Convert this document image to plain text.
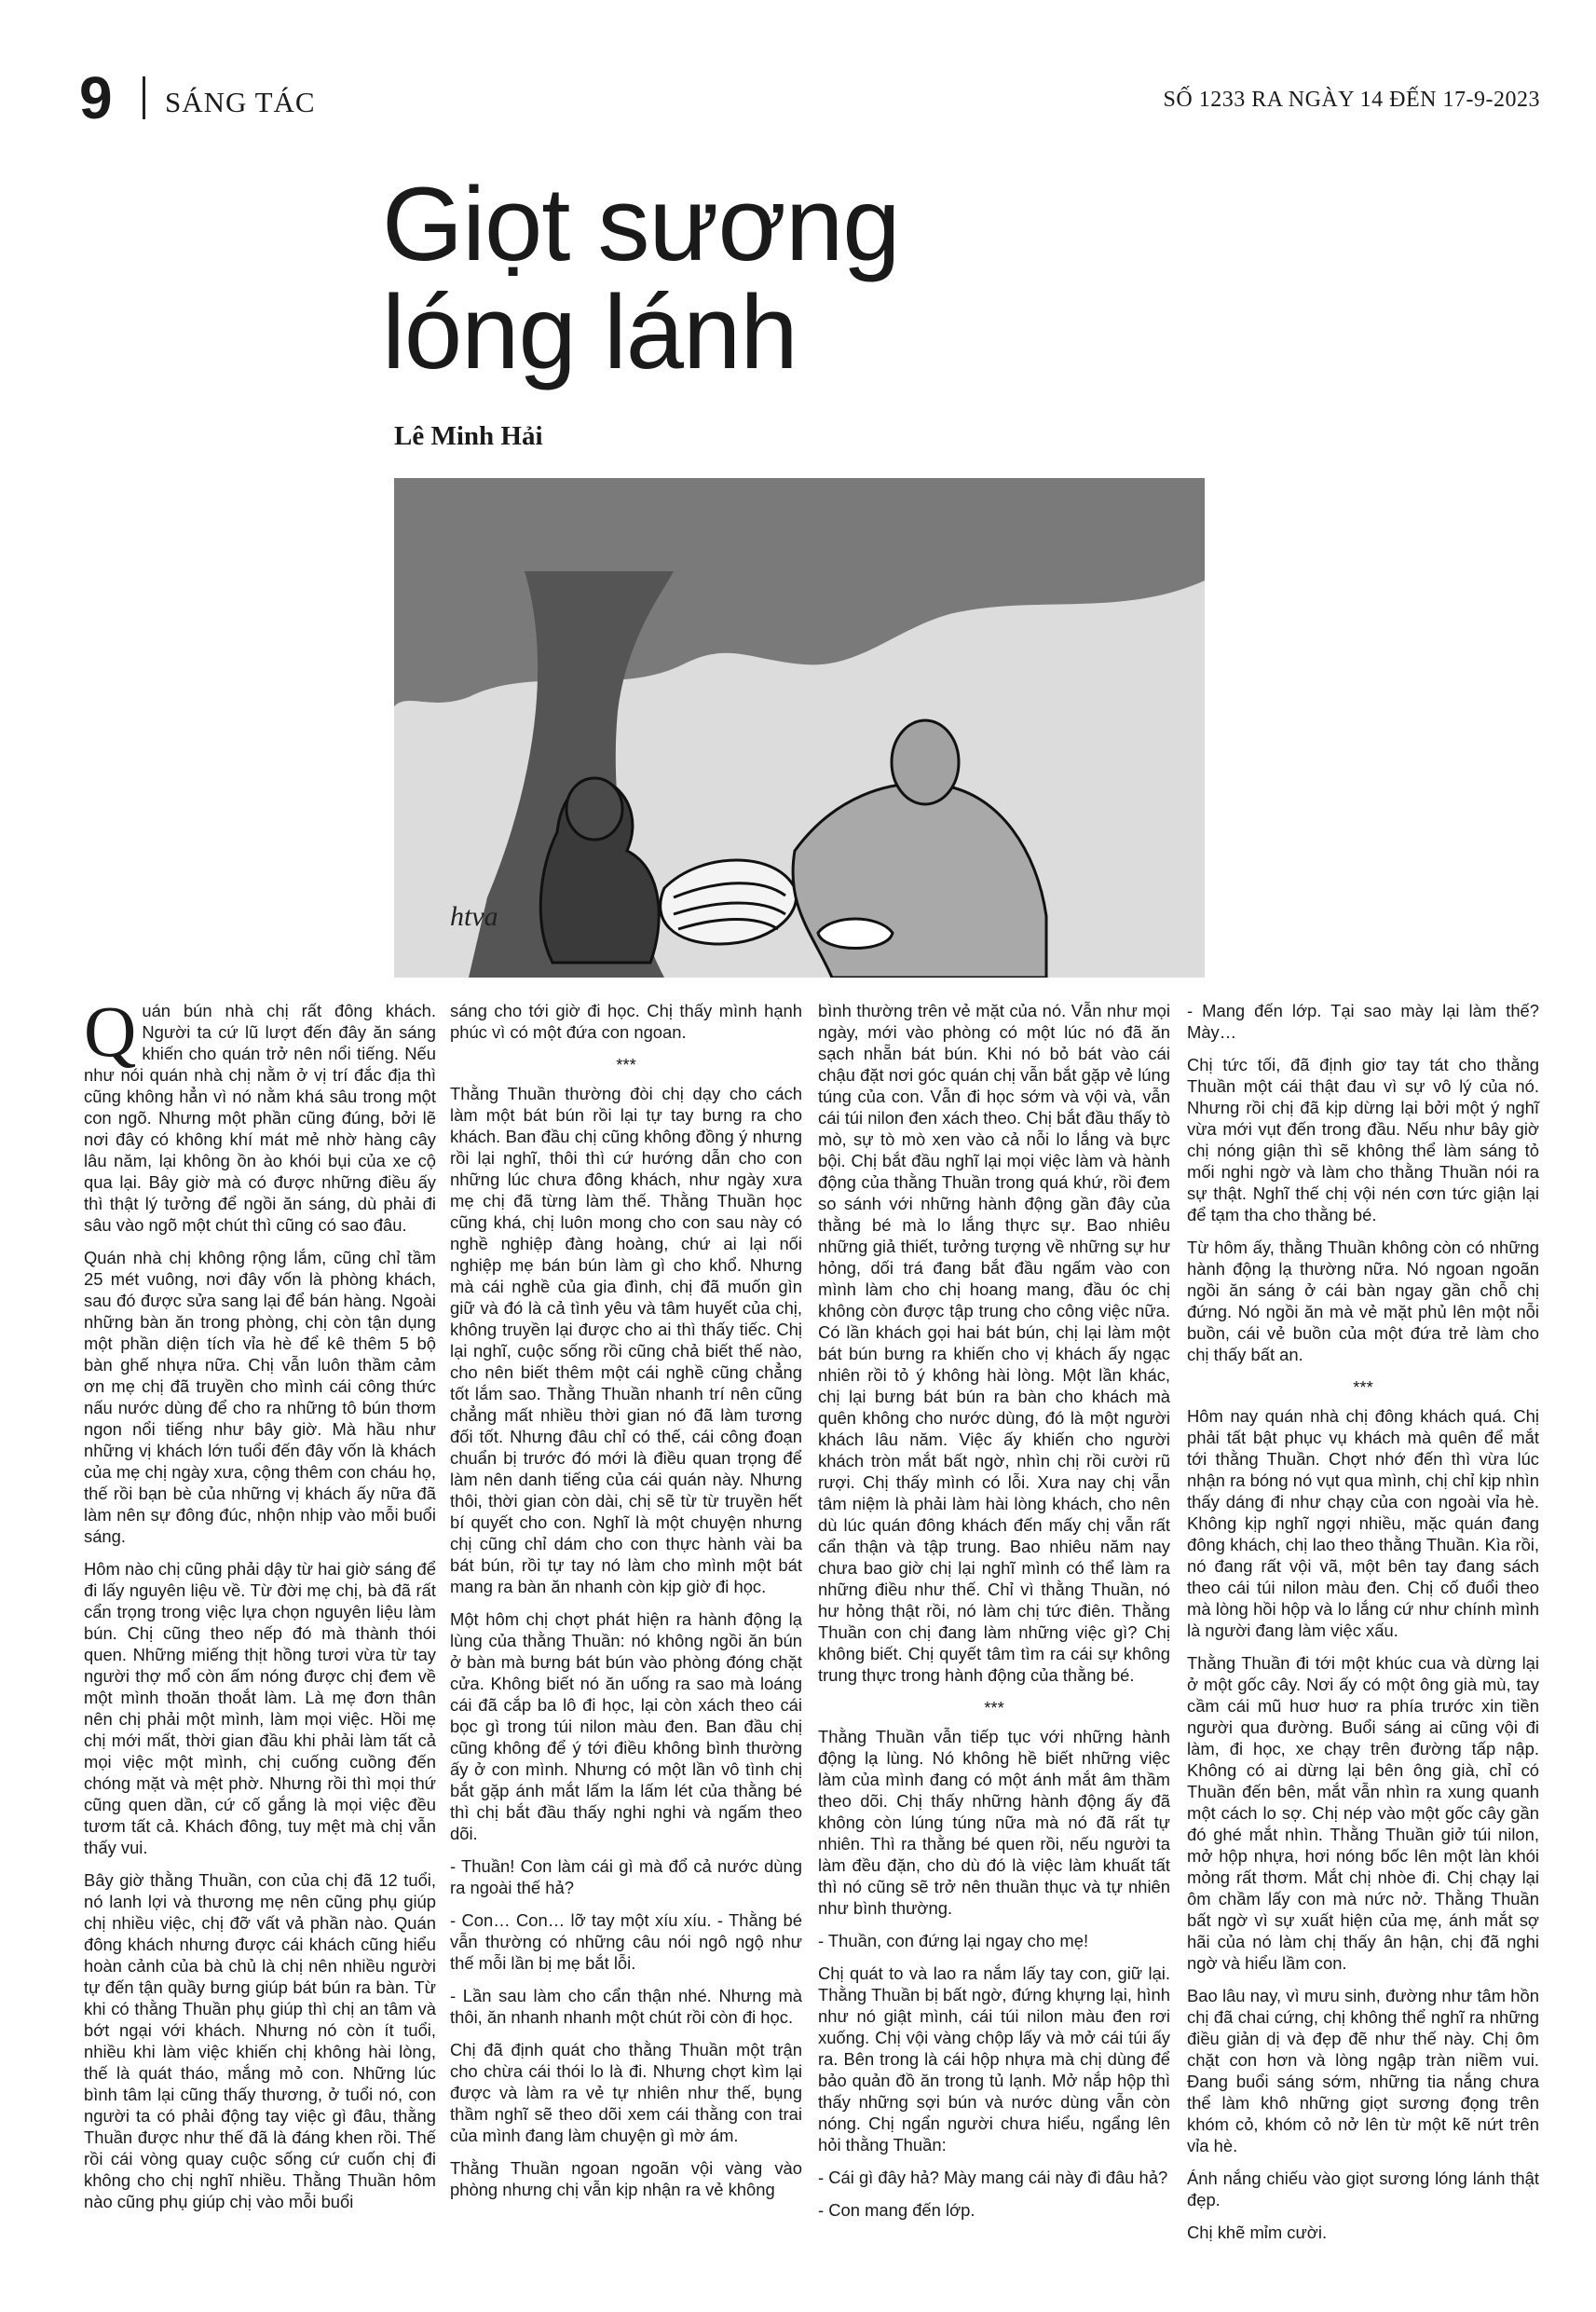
9 SÁNG TÁC	SỐ 1233 RA NGÀY 14 ĐẾN 17-9-2023
Giọt sương
lóng lánh
Lê Minh Hải
htva

Quán bún nhà chị rất đông khách. Người ta cứ lũ lượt đến đây ăn sáng khiến cho quán trở nên nổi tiếng. Nếu như nói quán nhà chị nằm ở vị trí đắc địa thì cũng không hẳn vì nó nằm khá sâu trong một con ngõ. Nhưng một phần cũng đúng, bởi lẽ nơi đây có không khí mát mẻ nhờ hàng cây lâu năm, lại không ồn ào khói bụi của xe cộ qua lại. Bây giờ mà có được những điều ấy thì thật lý tưởng để ngồi ăn sáng, dù phải đi sâu vào ngõ một chút thì cũng có sao đâu.

Quán nhà chị không rộng lắm, cũng chỉ tầm 25 mét vuông, nơi đây vốn là phòng khách, sau đó được sửa sang lại để bán hàng. Ngoài những bàn ăn trong phòng, chị còn tận dụng một phần diện tích vỉa hè để kê thêm 5 bộ bàn ghế nhựa nữa. Chị vẫn luôn thầm cảm ơn mẹ chị đã truyền cho mình cái công thức nấu nước dùng để cho ra những tô bún thơm ngon nổi tiếng như bây giờ. Mà hầu như những vị khách lớn tuổi đến đây vốn là khách của mẹ chị ngày xưa, cộng thêm con cháu họ, thế rồi bạn bè của những vị khách ấy nữa đã làm nên sự đông đúc, nhộn nhịp vào mỗi buổi sáng.

Hôm nào chị cũng phải dậy từ hai giờ sáng để đi lấy nguyên liệu về. Từ đời mẹ chị, bà đã rất cẩn trọng trong việc lựa chọn nguyên liệu làm bún. Chị cũng theo nếp đó mà thành thói quen. Những miếng thịt hồng tươi vừa từ tay người thợ mổ còn ấm nóng được chị đem về một mình thoăn thoắt làm. Là mẹ đơn thân nên chị phải một mình, làm mọi việc. Hồi mẹ chị mới mất, thời gian đầu khi phải làm tất cả mọi việc một mình, chị cuống cuồng đến chóng mặt và mệt phờ. Nhưng rồi thì mọi thứ cũng quen dần, cứ cố gắng là mọi việc đều tươm tất cả. Khách đông, tuy mệt mà chị vẫn thấy vui.

Bây giờ thằng Thuần, con của chị đã 12 tuổi, nó lanh lợi và thương mẹ nên cũng phụ giúp chị nhiều việc, chị đỡ vất vả phần nào. Quán đông khách nhưng được cái khách cũng hiểu hoàn cảnh của bà chủ là chị nên nhiều người tự đến tận quầy bưng giúp bát bún ra bàn. Từ khi có thằng Thuần phụ giúp thì chị an tâm và bớt ngại với khách. Nhưng nó còn ít tuổi, nhiều khi làm việc khiến chị không hài lòng, thế là quát tháo, mắng mỏ con. Những lúc bình tâm lại cũng thấy thương, ở tuổi nó, con người ta có phải động tay việc gì đâu, thằng Thuần được như thế đã là đáng khen rồi. Thế rồi cái vòng quay cuộc sống cứ cuốn chị đi không cho chị nghĩ nhiều. Thằng Thuần hôm nào cũng phụ giúp chị vào mỗi buổi

sáng cho tới giờ đi học. Chị thấy mình hạnh phúc vì có một đứa con ngoan.

***

Thằng Thuần thường đòi chị dạy cho cách làm một bát bún rồi lại tự tay bưng ra cho khách. Ban đầu chị cũng không đồng ý nhưng rồi lại nghĩ, thôi thì cứ hướng dẫn cho con những lúc chưa đông khách, như ngày xưa mẹ chị đã từng làm thế. Thằng Thuần học cũng khá, chị luôn mong cho con sau này có nghề nghiệp đàng hoàng, chứ ai lại nối nghiệp mẹ bán bún làm gì cho khổ. Nhưng mà cái nghề của gia đình, chị đã muốn gìn giữ và đó là cả tình yêu và tâm huyết của chị, không truyền lại được cho ai thì thấy tiếc. Chị lại nghĩ, cuộc sống rồi cũng chả biết thế nào, cho nên biết thêm một cái nghề cũng chẳng tốt lắm sao. Thằng Thuần nhanh trí nên cũng chẳng mất nhiều thời gian nó đã làm tương đối tốt. Nhưng đâu chỉ có thế, cái công đoạn chuẩn bị trước đó mới là điều quan trọng để làm nên danh tiếng của cái quán này. Nhưng thôi, thời gian còn dài, chị sẽ từ từ truyền hết bí quyết cho con. Nghĩ là một chuyện nhưng chị cũng chỉ dám cho con thực hành vài ba bát bún, rồi tự tay nó làm cho mình một bát mang ra bàn ăn nhanh còn kịp giờ đi học.

Một hôm chị chợt phát hiện ra hành động lạ lùng của thằng Thuần: nó không ngồi ăn bún ở bàn mà bưng bát bún vào phòng đóng chặt cửa. Không biết nó ăn uống ra sao mà loáng cái đã cắp ba lô đi học, lại còn xách theo cái bọc gì trong túi nilon màu đen. Ban đầu chị cũng không để ý tới điều không bình thường ấy ở con mình. Nhưng có một lần vô tình chị bắt gặp ánh mắt lấm la lấm lét của thằng bé thì chị bắt đầu thấy nghi nghi và ngấm theo dõi.

- Thuần! Con làm cái gì mà đổ cả nước dùng ra ngoài thế hả?

- Con… Con… lỡ tay một xíu xíu. - Thằng bé vẫn thường có những câu nói ngô ngộ như thế mỗi lần bị mẹ bắt lỗi.

- Lần sau làm cho cẩn thận nhé. Nhưng mà thôi, ăn nhanh nhanh một chút rồi còn đi học.

Chị đã định quát cho thằng Thuần một trận cho chừa cái thói lo là đi. Nhưng chợt kìm lại được và làm ra vẻ tự nhiên như thế, bụng thầm nghĩ sẽ theo dõi xem cái thằng con trai của mình đang làm chuyện gì mờ ám.

Thằng Thuần ngoan ngoãn vội vàng vào phòng nhưng chị vẫn kịp nhận ra vẻ không

bình thường trên vẻ mặt của nó. Vẫn như mọi ngày, mới vào phòng có một lúc nó đã ăn sạch nhẵn bát bún. Khi nó bỏ bát vào cái chậu đặt nơi góc quán chị vẫn bắt gặp vẻ lúng túng của con. Vẫn đi học sớm và vội và, vẫn cái túi nilon đen xách theo. Chị bắt đầu thấy tò mò, sự tò mò xen vào cả nỗi lo lắng và bực bội. Chị bắt đầu nghĩ lại mọi việc làm và hành động của thằng Thuần trong quá khứ, rồi đem so sánh với những hành động gần đây của thằng bé mà lo lắng thực sự. Bao nhiêu những giả thiết, tưởng tượng về những sự hư hỏng, dối trá đang bắt đầu ngấm vào con mình làm cho chị hoang mang, đầu óc chị không còn được tập trung cho công việc nữa. Có lần khách gọi hai bát bún, chị lại làm một bát bún bưng ra khiến cho vị khách ấy ngạc nhiên rồi tỏ ý không hài lòng. Một lần khác, chị lại bưng bát bún ra bàn cho khách mà quên không cho nước dùng, đó là một người khách lâu năm. Việc ấy khiến cho người khách tròn mắt bất ngờ, nhìn chị rồi cười rũ rượi. Chị thấy mình có lỗi. Xưa nay chị vẫn tâm niệm là phải làm hài lòng khách, cho nên dù lúc quán đông khách đến mấy chị vẫn rất cẩn thận và tập trung. Bao nhiêu năm nay chưa bao giờ chị lại nghĩ mình có thể làm ra những điều như thế. Chỉ vì thằng Thuần, nó hư hỏng thật rồi, nó làm chị tức điên. Thằng Thuần con chị đang làm những việc gì? Chị không biết. Chị quyết tâm tìm ra cái sự không trung thực trong hành động của thằng bé.

***

Thằng Thuần vẫn tiếp tục với những hành động lạ lùng. Nó không hề biết những việc làm của mình đang có một ánh mắt âm thầm theo dõi. Chị thấy những hành động ấy đã không còn lúng túng nữa mà nó đã rất tự nhiên. Thì ra thằng bé quen rồi, nếu người ta làm đều đặn, cho dù đó là việc làm khuất tất thì nó cũng sẽ trở nên thuần thục và tự nhiên như bình thường.

- Thuần, con đứng lại ngay cho mẹ!

Chị quát to và lao ra nắm lấy tay con, giữ lại. Thằng Thuần bị bất ngờ, đứng khựng lại, hình như nó giật mình, cái túi nilon màu đen rơi xuống. Chị vội vàng chộp lấy và mở cái túi ấy ra. Bên trong là cái hộp nhựa mà chị dùng để bảo quản đồ ăn trong tủ lạnh. Mở nắp hộp thì thấy những sợi bún và nước dùng vẫn còn nóng. Chị ngẩn người chưa hiểu, ngẩng lên hỏi thằng Thuần:

- Cái gì đây hả? Mày mang cái này đi đâu hả?

- Con mang đến lớp.

- Mang đến lớp. Tại sao mày lại làm thế? Mày…

Chị tức tối, đã định giơ tay tát cho thằng Thuần một cái thật đau vì sự vô lý của nó. Nhưng rồi chị đã kịp dừng lại bởi một ý nghĩ vừa mới vụt đến trong đầu. Nếu như bây giờ chị nóng giận thì sẽ không thể làm sáng tỏ mối nghi ngờ và làm cho thằng Thuần nói ra sự thật. Nghĩ thế chị vội nén cơn tức giận lại để tạm tha cho thằng bé.

Từ hôm ấy, thằng Thuần không còn có những hành động lạ thường nữa. Nó ngoan ngoãn ngồi ăn sáng ở cái bàn ngay gần chỗ chị đứng. Nó ngồi ăn mà vẻ mặt phủ lên một nỗi buồn, cái vẻ buồn của một đứa trẻ làm cho chị thấy bất an.

***

Hôm nay quán nhà chị đông khách quá. Chị phải tất bật phục vụ khách mà quên để mắt tới thằng Thuần. Chợt nhớ đến thì vừa lúc nhận ra bóng nó vụt qua mình, chị chỉ kịp nhìn thấy dáng đi như chạy của con ngoài vỉa hè. Không kịp nghĩ ngợi nhiều, mặc quán đang đông khách, chị lao theo thằng Thuần. Kìa rồi, nó đang rất vội vã, một bên tay đang sách theo cái túi nilon màu đen. Chị cố đuổi theo mà lòng hồi hộp và lo lắng cứ như chính mình là người đang làm việc xấu.

Thằng Thuần đi tới một khúc cua và dừng lại ở một gốc cây. Nơi ấy có một ông già mù, tay cầm cái mũ huơ huơ ra phía trước xin tiền người qua đường. Buổi sáng ai cũng vội đi làm, đi học, xe chạy trên đường tấp nập. Không có ai dừng lại bên ông già, chỉ có Thuần đến bên, mắt vẫn nhìn ra xung quanh một cách lo sợ. Chị nép vào một gốc cây gần đó ghé mắt nhìn. Thằng Thuần giở túi nilon, mở hộp nhựa, hơi nóng bốc lên một làn khói mỏng rất thơm. Mắt chị nhòe đi. Chị chạy lại ôm chầm lấy con mà nức nở. Thằng Thuần bất ngờ vì sự xuất hiện của mẹ, ánh mắt sợ hãi của nó làm chị thấy ân hận, chị đã nghi ngờ và hiểu lầm con.

Bao lâu nay, vì mưu sinh, đường như tâm hồn chị đã chai cứng, chị không thể nghĩ ra những điều giản dị và đẹp đẽ như thế này. Chị ôm chặt con hơn và lòng ngập tràn niềm vui. Đang buổi sáng sớm, những tia nắng chưa thể làm khô những giọt sương đọng trên khóm cỏ, khóm cỏ nở lên từ một kẽ nứt trên vỉa hè.

Ánh nắng chiếu vào giọt sương lóng lánh thật đẹp.

Chị khẽ mỉm cười.
